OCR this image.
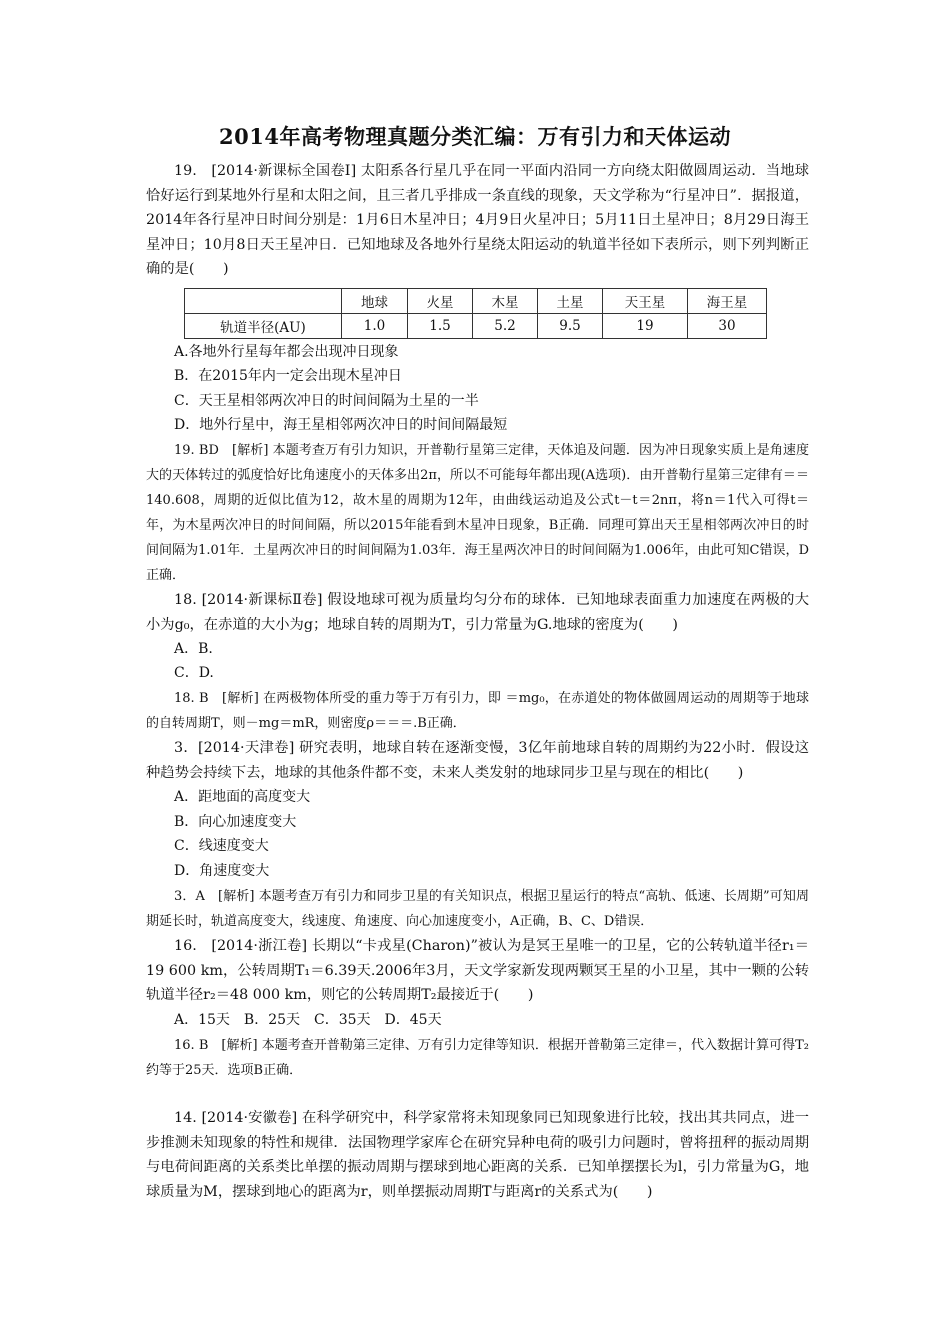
2014年高考物理真题分类汇编：万有引力和天体运动
19.　[2014·新课标全国卷Ⅰ] 太阳系各行星几乎在同一平面内沿同一方向绕太阳做圆周运动．当地球恰好运行到某地外行星和太阳之间，且三者几乎排成一条直线的现象，天文学称为“行星冲日”．据报道，2014年各行星冲日时间分别是：1月6日木星冲日；4月9日火星冲日；5月11日土星冲日；8月29日海王星冲日；10月8日天王星冲日．已知地球及各地外行星绕太阳运动的轨道半径如下表所示，则下列判断正确的是(　　)
	地球	火星	木星	土星	天王星	海王星
轨道半径(AU)	1.0	1.5	5.2	9.5	19	30
A.各地外行星每年都会出现冲日现象
B．在2015年内一定会出现木星冲日
C．天王星相邻两次冲日的时间间隔为土星的一半
D．地外行星中，海王星相邻两次冲日的时间间隔最短
19. BD　[解析] 本题考查万有引力知识，开普勒行星第三定律，天体追及问题．因为冲日现象实质上是角速度大的天体转过的弧度恰好比角速度小的天体多出2π，所以不可能每年都出现(A选项)．由开普勒行星第三定律有＝＝140.608，周期的近似比值为12，故木星的周期为12年，由曲线运动追及公式t－t＝2nπ，将n＝1代入可得t＝年，为木星两次冲日的时间间隔，所以2015年能看到木星冲日现象，B正确．同理可算出天王星相邻两次冲日的时间间隔为1.01年．土星两次冲日的时间间隔为1.03年．海王星两次冲日的时间间隔为1.006年，由此可知C错误，D正确．
18. [2014·新课标Ⅱ卷] 假设地球可视为质量均匀分布的球体．已知地球表面重力加速度在两极的大小为g₀，在赤道的大小为g；地球自转的周期为T，引力常量为G.地球的密度为(　　)
A．B.
C．D.
18. B　[解析] 在两极物体所受的重力等于万有引力，即 ＝mg₀，在赤道处的物体做圆周运动的周期等于地球的自转周期T，则－mg＝mR，则密度ρ＝＝＝.B正确．
3．[2014·天津卷] 研究表明，地球自转在逐渐变慢，3亿年前地球自转的周期约为22小时．假设这种趋势会持续下去，地球的其他条件都不变，未来人类发射的地球同步卫星与现在的相比(　　)
A．距地面的高度变大
B．向心加速度变大
C．线速度变大
D．角速度变大
3．A　[解析] 本题考查万有引力和同步卫星的有关知识点，根据卫星运行的特点“高轨、低速、长周期”可知周期延长时，轨道高度变大，线速度、角速度、向心加速度变小，A正确，B、C、D错误．
16.　[2014·浙江卷] 长期以“卡戎星(Charon)”被认为是冥王星唯一的卫星，它的公转轨道半径r₁＝19 600 km，公转周期T₁＝6.39天.2006年3月，天文学家新发现两颗冥王星的小卫星，其中一颗的公转轨道半径r₂＝48 000 km，则它的公转周期T₂最接近于(　　)
A．15天　B．25天　C．35天　D．45天
16. B　[解析] 本题考查开普勒第三定律、万有引力定律等知识．根据开普勒第三定律＝，代入数据计算可得T₂约等于25天．选项B正确．
14. [2014·安徽卷] 在科学研究中，科学家常将未知现象同已知现象进行比较，找出其共同点，进一步推测未知现象的特性和规律．法国物理学家库仑在研究异种电荷的吸引力问题时，曾将扭秤的振动周期与电荷间距离的关系类比单摆的振动周期与摆球到地心距离的关系．已知单摆摆长为l，引力常量为G，地球质量为M，摆球到地心的距离为r，则单摆振动周期T与距离r的关系式为(　　)
